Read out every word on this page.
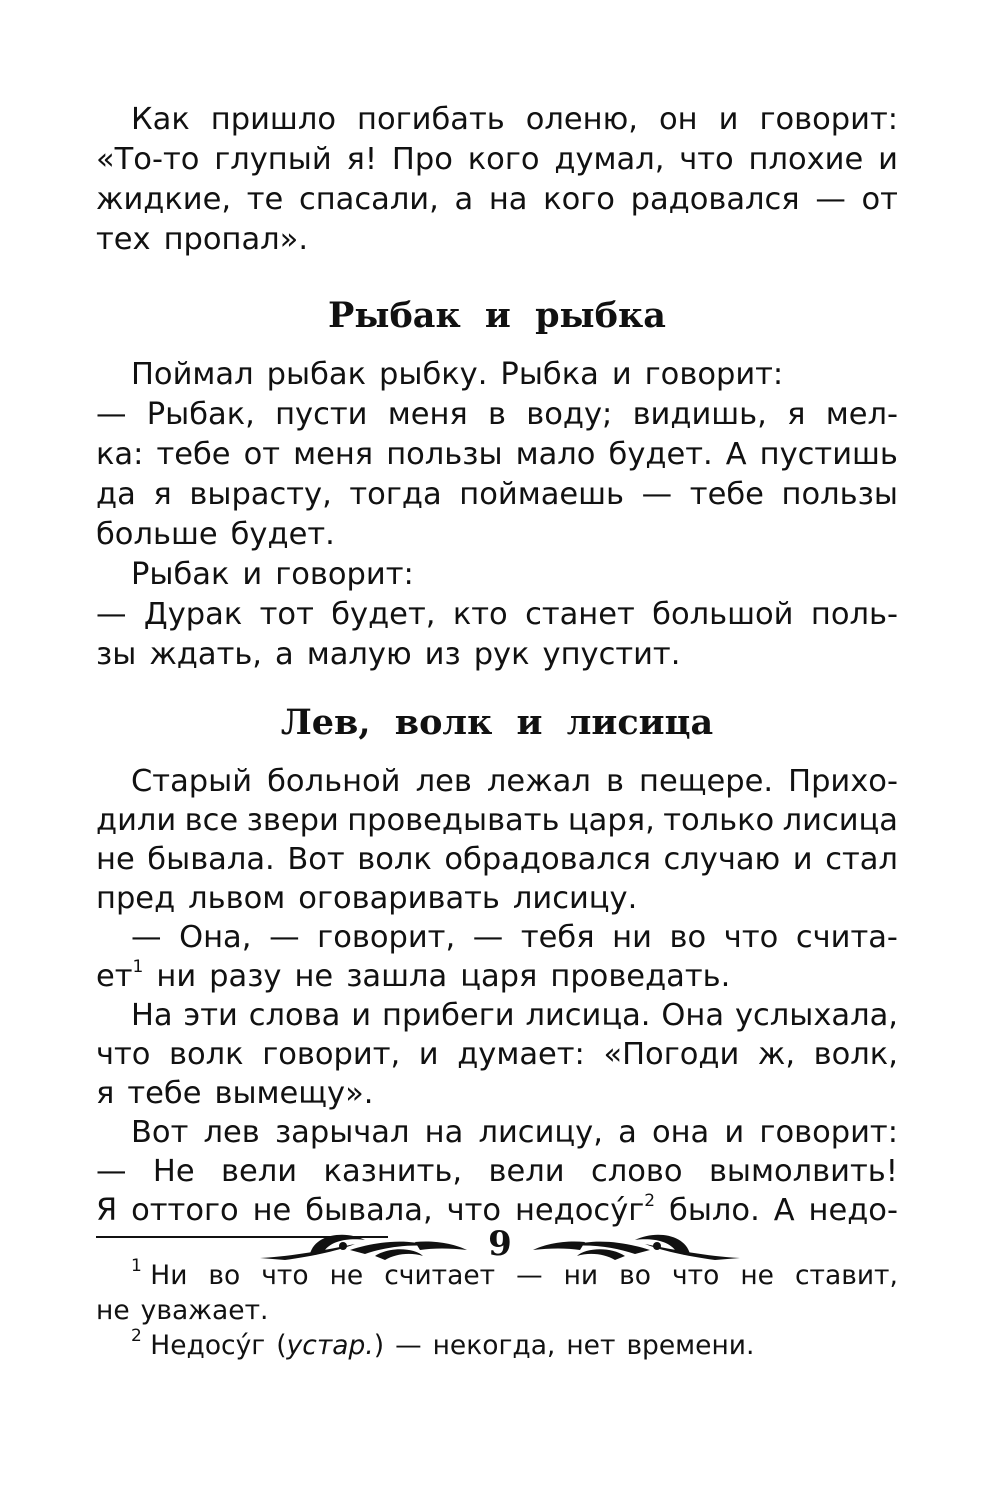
Как пришло погибать оленю, он и говорит:
«То-то глупый я! Про кого думал, что плохие и
жидкие, те спасали, а на кого радовался — от
тех пропал».
Рыбак и рыбка
Поймал рыбак рыбку. Рыбка и говорит:
— Рыбак, пусти меня в воду; видишь, я мел-
ка: тебе от меня пользы мало будет. А пустишь
да я вырасту, тогда поймаешь — тебе пользы
больше будет.
Рыбак и говорит:
— Дурак тот будет, кто станет большой поль-
зы ждать, а малую из рук упустит.
Лев, волк и лисица
Старый больной лев лежал в пещере. Прихо-
дили все звери проведывать царя, только лисица
не бывала. Вот волк обрадовался случаю и стал
пред львом оговаривать лисицу.
— Она, — говорит, — тебя ни во что счита-
$ет^1$ ни разу не зашла царя проведать.
На эти слова и прибеги лисица. Она услыхала,
что волк говорит, и думает: «Погоди ж, волк,
я тебе вымещу».
Вот лев зарычал на лисицу, а она и говорит:
— Не вели казнить, вели слово вымолвить!
Я оттого не бывала, что $недосу́г^2$ было. А недо-
$^1$ Ни во что не считает — ни во что не ставит,
не уважает.
$^2$ Недосу́г (устар.) — некогда, нет времени.
9
